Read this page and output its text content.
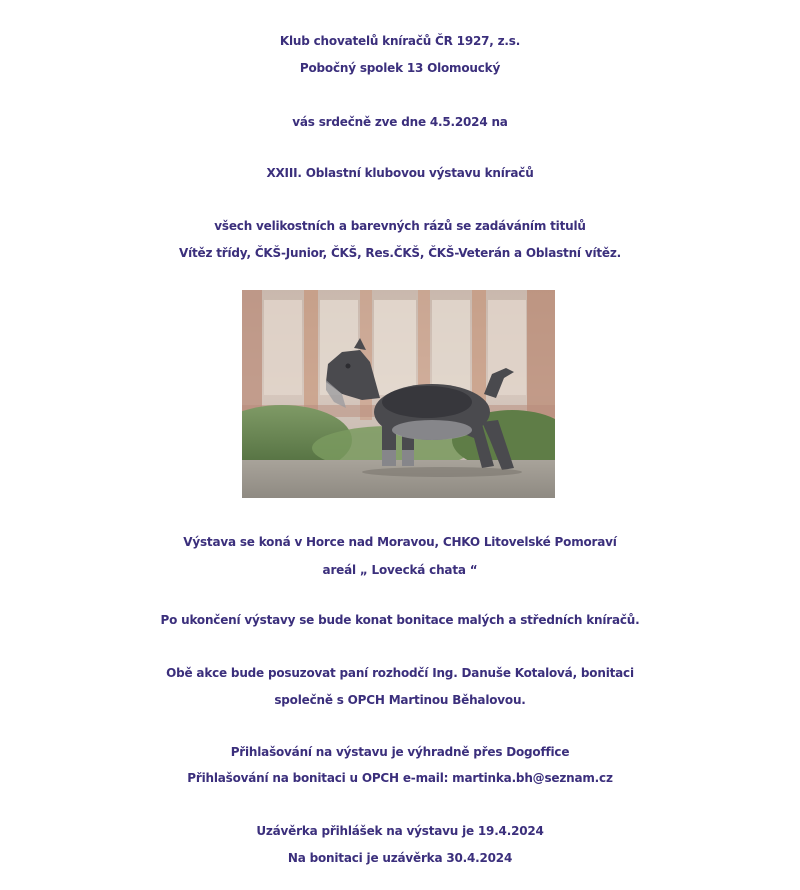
Klub chovatelů kníračů ČR 1927, z.s.
Pobočný spolek 13 Olomoucký
vás srdečně zve dne 4.5.2024 na
XXIII. Oblastní klubovou výstavu kníračů
všech velikostních a barevných rázů se zadáváním titulů
Vítěz třídy, ČKŠ-Junior, ČKŠ, Res.ČKŠ, ČKŠ-Veterán a Oblastní vítěz.
Výstava se koná v Horce nad Moravou, CHKO Litovelské Pomoraví
areál „ Lovecká chata “
Po ukončení výstavy se bude konat bonitace malých a středních kníračů.
Obě akce bude posuzovat paní rozhodčí Ing. Danuše Kotalová, bonitaci
společně s OPCH Martinou Běhalovou.
Přihlašování na výstavu je výhradně přes Dogoffice
Přihlašování na bonitaci u OPCH e-mail: martinka.bh@seznam.cz
Uzávěrka přihlášek na výstavu je 19.4.2024
Na bonitaci je uzávěrka 30.4.2024
